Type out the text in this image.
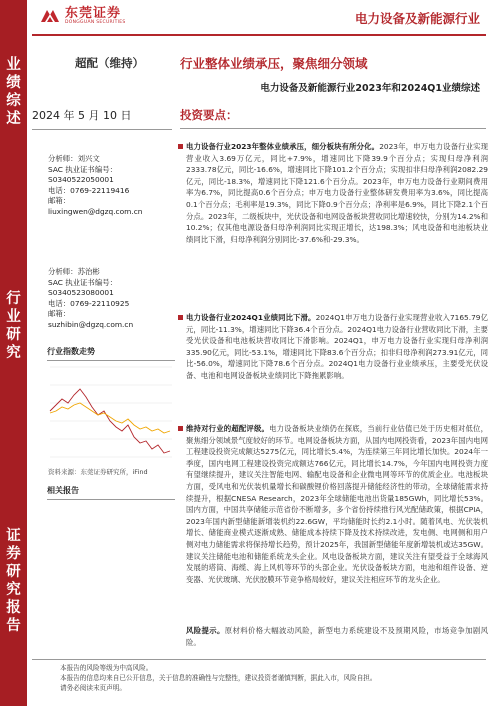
业
绩
综
述
行
业
研
究
证
券
研
究
报
告
东莞证券
DONGGUAN SECURITIES	电力设备及新能源行业
超配（维持）	行业整体业绩承压，聚焦细分领域
电力设备及新能源行业2023年和2024Q1业绩综述
2024 年 5 月 10 日	投资要点：
分析师：刘兴文
SAC 执业证书编号：
S0340522050001
电话：0769-22119416
邮箱：
liuxingwen@dgzq.com.cn
分析师：苏治彬
SAC 执业证书编号：
S0340523080001
电话：0769-22110925
邮箱：
suzhibin@dgzq.com.cn
行业指数走势
资料来源：东莞证券研究所，iFind
相关报告
电力设备行业2023年整体业绩承压，细分板块有所分化。2023年，申万电力设备行业实现营业收入3.69万亿元，同比+7.9%，增速同比下降39.9个百分点；实现归母净利润2333.78亿元，同比-16.6%，增速同比下降101.2个百分点；实现扣非归母净利润2082.29亿元，同比-18.3%，增速同比下降121.6个百分点。2023年，申万电力设备行业期间费用率为6.7%，同比提高0.6个百分点；申万电力设备行业整体研发费用率为3.6%，同比提高0.1个百分点；毛利率是19.3%，同比下降0.9个百分点；净利率是6.9%，同比下降2.1个百分点。2023年，二级板块中，光伏设备和电网设备板块营收同比增速较快，分别为14.2%和10.2%；仅其他电源设备归母净利润同比实现正增长，达198.3%；风电设备和电池板块业绩同比下滑，归母净利润分别同比-37.6%和-29.3%。
电力设备行业2024Q1业绩同比下滑。2024Q1申万电力设备行业实现营业收入7165.79亿元，同比-11.3%，增速同比下降36.4个百分点。2024Q1电力设备行业营收同比下滑，主要受光伏设备和电池板块营收同比下滑影响。2024Q1，申万电力设备行业实现归母净利润335.90亿元，同比-53.1%，增速同比下降83.6个百分点；扣非归母净利润273.91亿元，同比-56.0%，增速同比下降78.6个百分点。2024Q1电力设备行业业绩承压，主要受光伏设备、电池和电网设备板块业绩同比下降拖累影响。
维持对行业的超配评级。电力设备板块业绩仍在探底，当前行业估值已处于历史相对低位，聚焦细分领域景气度较好的环节。电网设备板块方面，从国内电网投资看，2023年国内电网工程建设投资完成额达5275亿元，同比增长5.4%，为连续第三年同比增长加快。2024年一季度，国内电网工程建设投资完成额达766亿元，同比增长14.7%，今年国内电网投资力度有望继续提升，建议关注智能电网、输配电设备和企业微电网等环节的优质企业。电池板块方面，受风电和光伏装机量增长和碳酸锂价格回落提升储能经济性的带动，全球储能需求持续提升，根据CNESA Research，2023年全球储能电池出货量185GWh，同比增长53%。国内方面，中国共享储能示范省份不断增多，多个省份持续推行风光配储政策，根据CPIA，2023年国内新型储能新增装机约22.6GW，平均储能时长约2.1小时。随着风电、光伏装机增长、储能商业模式逐渐成熟、储能成本持续下降及技术持续改进，发电侧、电网侧和用户侧对电力储能需求将保持增长趋势，预计2025年，我国新型储能年度新增装机或达35GW。建议关注储能电池和储能系统龙头企业。风电设备板块方面，建议关注有望受益于全球海风发展的塔筒、海缆、海上风机等环节的头部企业。光伏设备板块方面，电池和组件设备、逆变器、光伏玻璃、光伏胶膜环节竞争格局较好，建议关注相应环节的龙头企业。
风险提示。原材料价格大幅波动风险，新型电力系统建设不及预期风险，市场竞争加剧风险。
本报告的风险等级为中高风险。
本报告的信息均来自已公开信息，关于信息的准确性与完整性，建议投资者谨慎判断，据此入市，风险自担。
请务必阅读末页声明。
